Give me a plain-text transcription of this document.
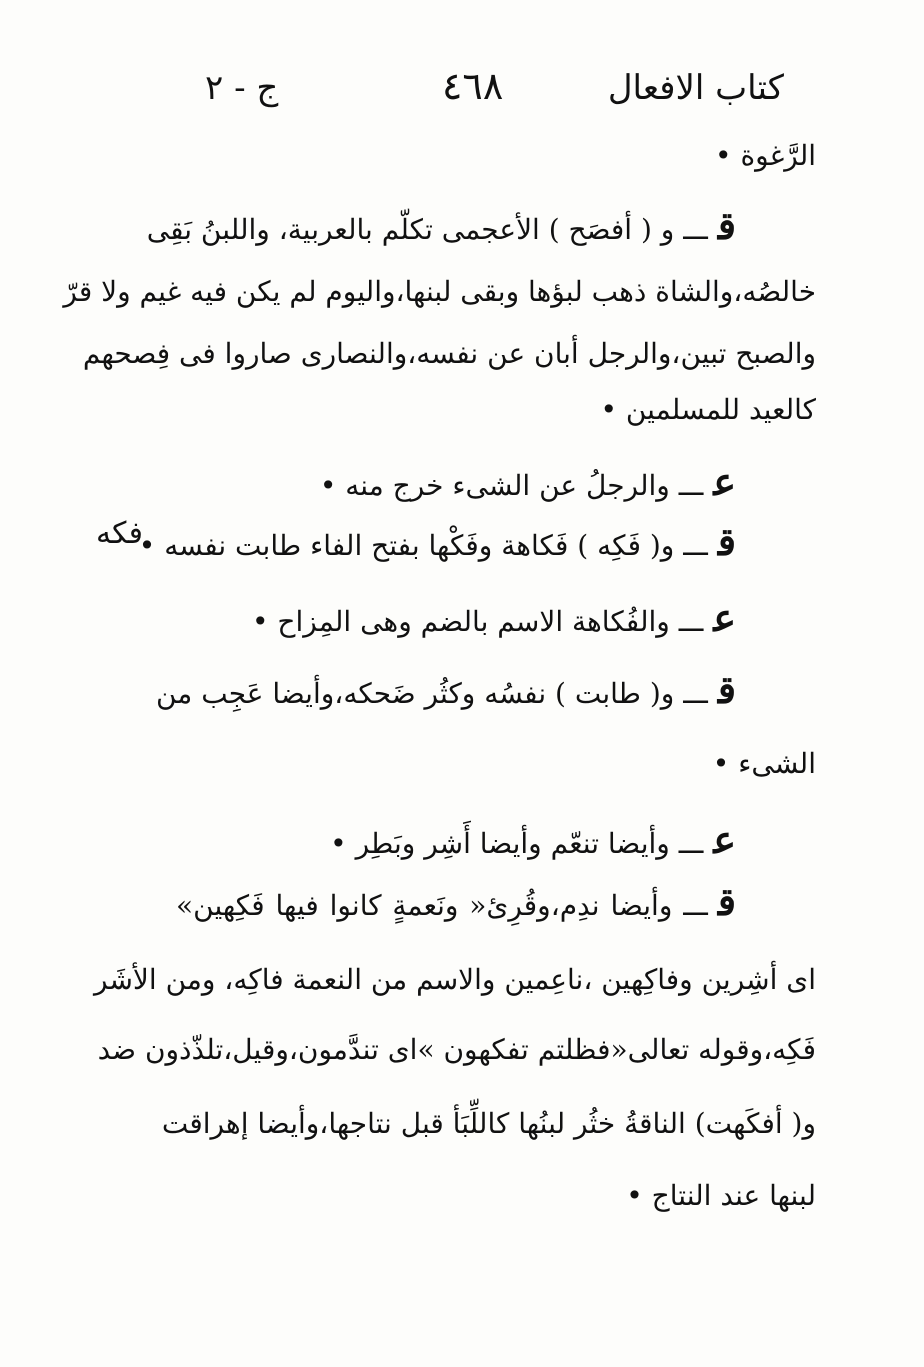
كتاب الافعال
٤٦٨
ج - ٢
فكه
الرَّغوة •
قـــ و ( أفصَح ) الأعجمى تكلّم بالعربية، واللبنُ بَقِى
خالصُه،والشاة ذهب لبؤها وبقى لبنها،واليوم لم يكن فيه غيم ولا قرّ
والصبح تبين،والرجل أبان عن نفسه،والنصارى صاروا فى فِصحهم
كالعيد للمسلمين •
عـــ والرجلُ عن الشىء خرج منه •
قـــ و( فَكِه ) فَكاهة وفَكْها بفتح الفاء طابت نفسه •
عـــ والفُكاهة الاسم بالضم وهى المِزاح •
قـــ و( طابت ) نفسُه وكثُر ضَحكه،وأيضا عَجِب من
الشىء •
عـــ وأيضا تنعّم وأيضا أَشِر وبَطِر •
قـــ وأيضا ندِم،وقُرِئ« ونَعمةٍ كانوا فيها فَكِهين»
اى أشِرين وفاكِهين ،ناعِمين والاسم من النعمة فاكِه، ومن الأشَر
فَكِه،وقوله تعالى«فظلتم تفكهون »اى تندَّمون،وقيل،تلذّذون ضد
و( أفكَهت) الناقةُ خثُر لبنُها كاللِّبَأ قبل نتاجها،وأيضا إهراقت
لبنها عند النتاج •
